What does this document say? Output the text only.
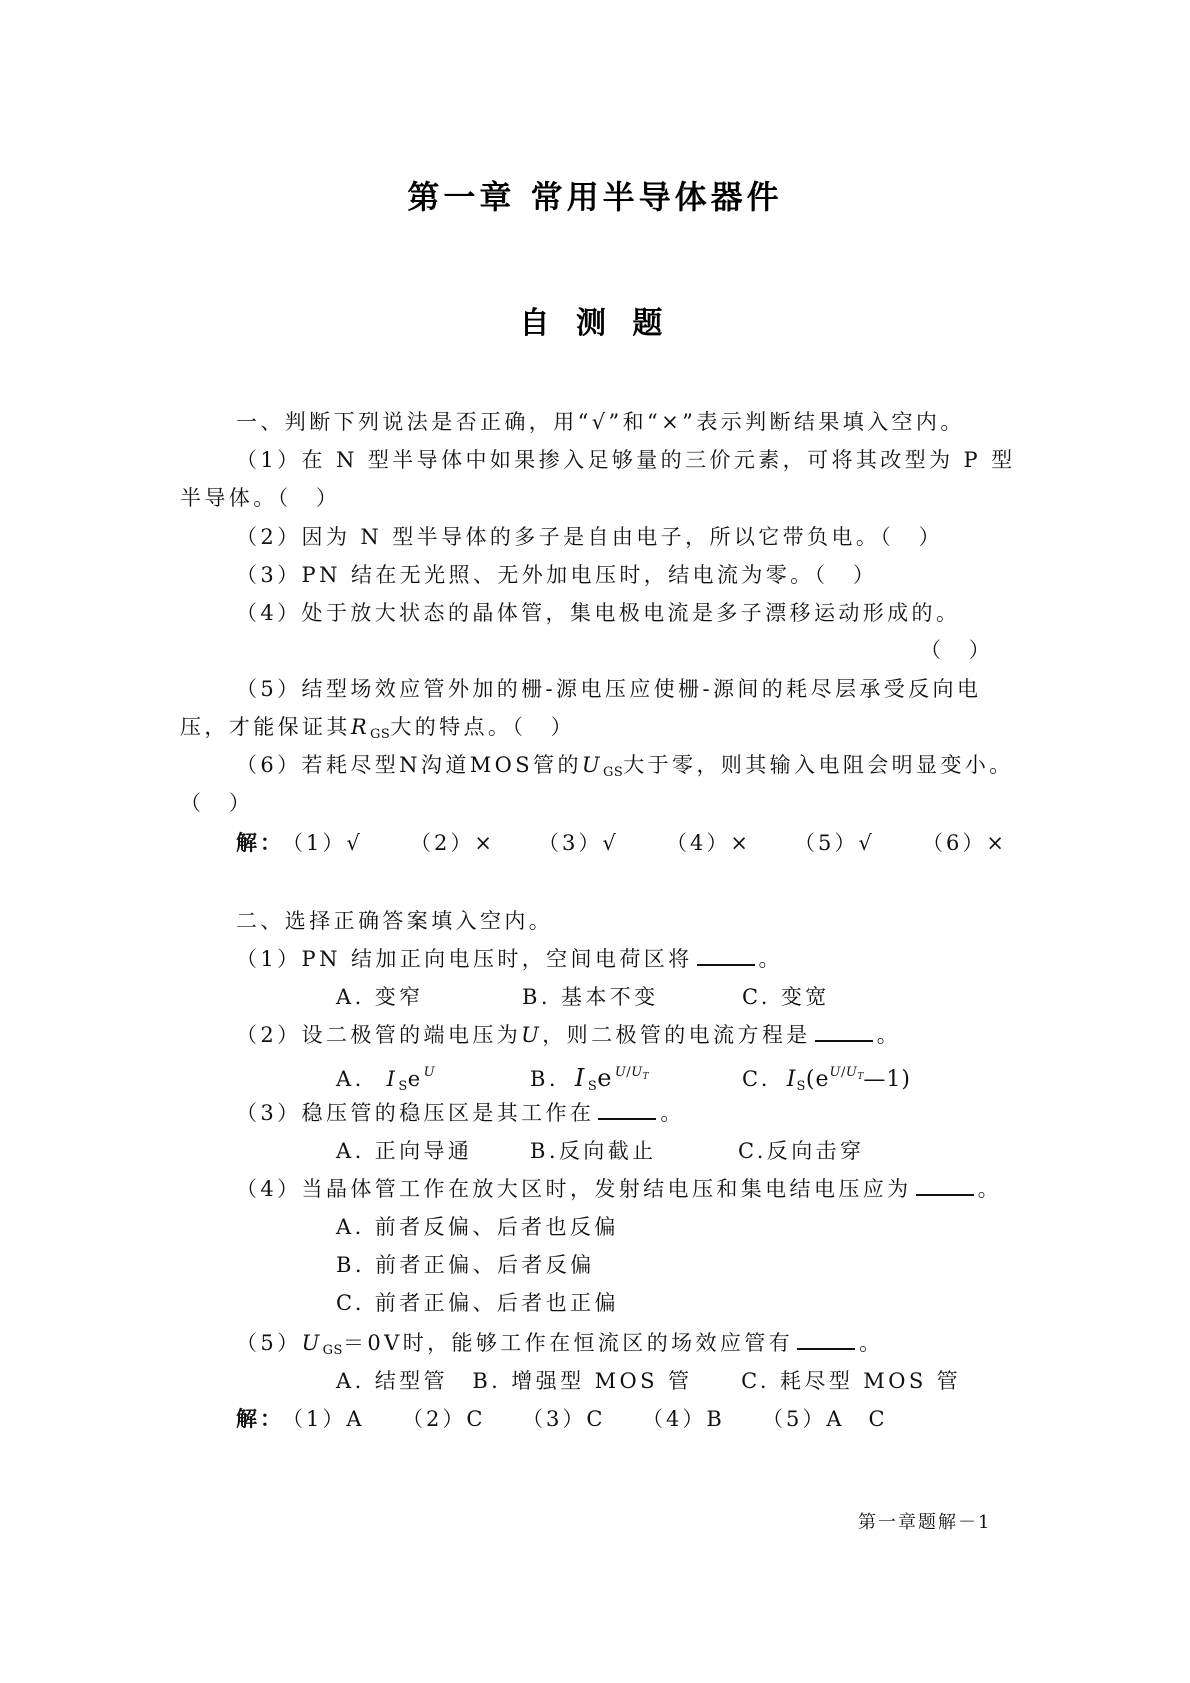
第一章 常用半导体器件
自 测 题
一、判断下列说法是否正确，用“√”和“×”表示判断结果填入空内。
（1）在 N 型半导体中如果掺入足够量的三价元素，可将其改型为 P 型
半导体。（　）
（2）因为 N 型半导体的多子是自由电子，所以它带负电。（　）
（3）PN 结在无光照、无外加电压时，结电流为零。（　）
（4）处于放大状态的晶体管，集电极电流是多子漂移运动形成的。
（　）
（5）结型场效应管外加的栅-源电压应使栅-源间的耗尽层承受反向电
压，才能保证其$R_{GS}$大的特点。（　）
（6）若耗尽型N沟道MOS管的$U_{GS}$大于零，则其输入电阻会明显变小。
（　）
解：
（1）√ （2）× （3）√ （4）× （5）√ （6）×
二、选择正确答案填入空内。
（1）PN 结加正向电压时，空间电荷区将	。
A. 变窄	B. 基本不变	C. 变宽
（2）设二极管的端电压为U，则二极管的电流方程是	。
A. $I_Se^U$	B. $I_Se^{U/U_T}$	C. $I_S(e^{U/U_T}—1)$
（3）稳压管的稳压区是其工作在	。
A. 正向导通	B.反向截止	C.反向击穿
（4）当晶体管工作在放大区时，发射结电压和集电结电压应为	。
A. 前者反偏、后者也反偏
B. 前者正偏、后者反偏
C. 前者正偏、后者也正偏
$(5)U_{GS}=0V$时，能够工作在恒流区的场效应管有	。
A. 结型管　B. 增强型 MOS 管　　C. 耗尽型 MOS 管
解：
（1）A （2）C （3）C （4）B （5）A　C
第一章题解－1
